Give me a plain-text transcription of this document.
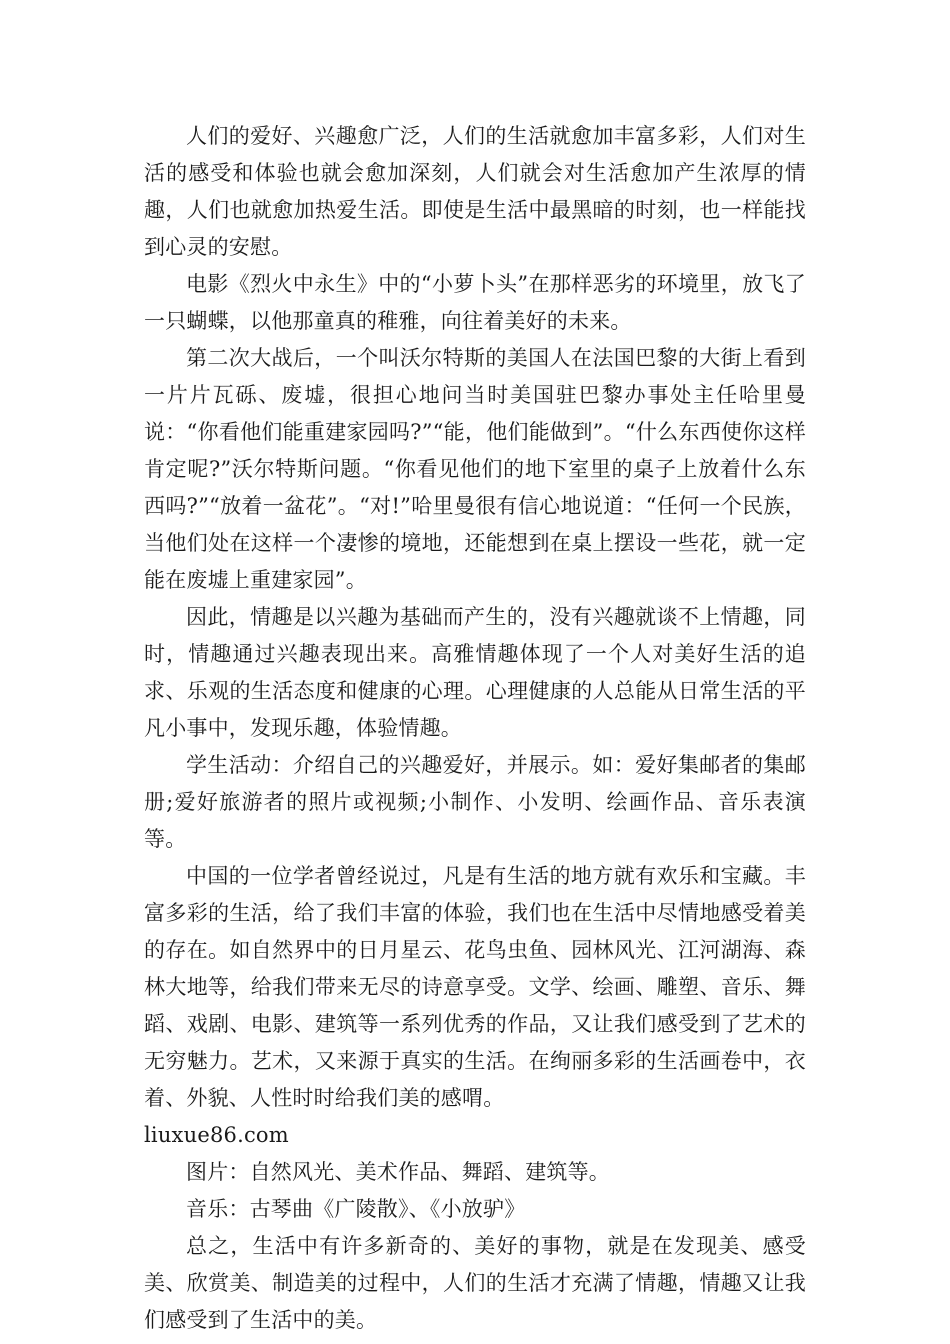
人们的爱好、兴趣愈广泛，人们的生活就愈加丰富多彩，人们对生活的感受和体验也就会愈加深刻，人们就会对生活愈加产生浓厚的情趣，人们也就愈加热爱生活。即使是生活中最黑暗的时刻，也一样能找到心灵的安慰。

电影《烈火中永生》中的“小萝卜头”在那样恶劣的环境里，放飞了一只蝴蝶，以他那童真的稚雅，向往着美好的未来。

第二次大战后，一个叫沃尔特斯的美国人在法国巴黎的大街上看到一片片瓦砾、废墟，很担心地问当时美国驻巴黎办事处主任哈里曼说：“你看他们能重建家园吗?”“能，他们能做到”。“什么东西使你这样肯定呢?”沃尔特斯问题。“你看见他们的地下室里的桌子上放着什么东西吗?”“放着一盆花”。“对!”哈里曼很有信心地说道：“任何一个民族，当他们处在这样一个凄惨的境地，还能想到在桌上摆设一些花，就一定能在废墟上重建家园”。

因此，情趣是以兴趣为基础而产生的，没有兴趣就谈不上情趣，同时，情趣通过兴趣表现出来。高雅情趣体现了一个人对美好生活的追求、乐观的生活态度和健康的心理。心理健康的人总能从日常生活的平凡小事中，发现乐趣，体验情趣。

学生活动：介绍自己的兴趣爱好，并展示。如：爱好集邮者的集邮册;爱好旅游者的照片或视频;小制作、小发明、绘画作品、音乐表演等。

中国的一位学者曾经说过，凡是有生活的地方就有欢乐和宝藏。丰富多彩的生活，给了我们丰富的体验，我们也在生活中尽情地感受着美的存在。如自然界中的日月星云、花鸟虫鱼、园林风光、江河湖海、森林大地等，给我们带来无尽的诗意享受。文学、绘画、雕塑、音乐、舞蹈、戏剧、电影、建筑等一系列优秀的作品，又让我们感受到了艺术的无穷魅力。艺术，又来源于真实的生活。在绚丽多彩的生活画卷中，衣着、外貌、人性时时给我们美的感喟。

liuxue86.com

图片：自然风光、美术作品、舞蹈、建筑等。

音乐：古琴曲《广陵散》、《小放驴》

总之，生活中有许多新奇的、美好的事物，就是在发现美、感受美、欣赏美、制造美的过程中，人们的生活才充满了情趣，情趣又让我们感受到了生活中的美。
